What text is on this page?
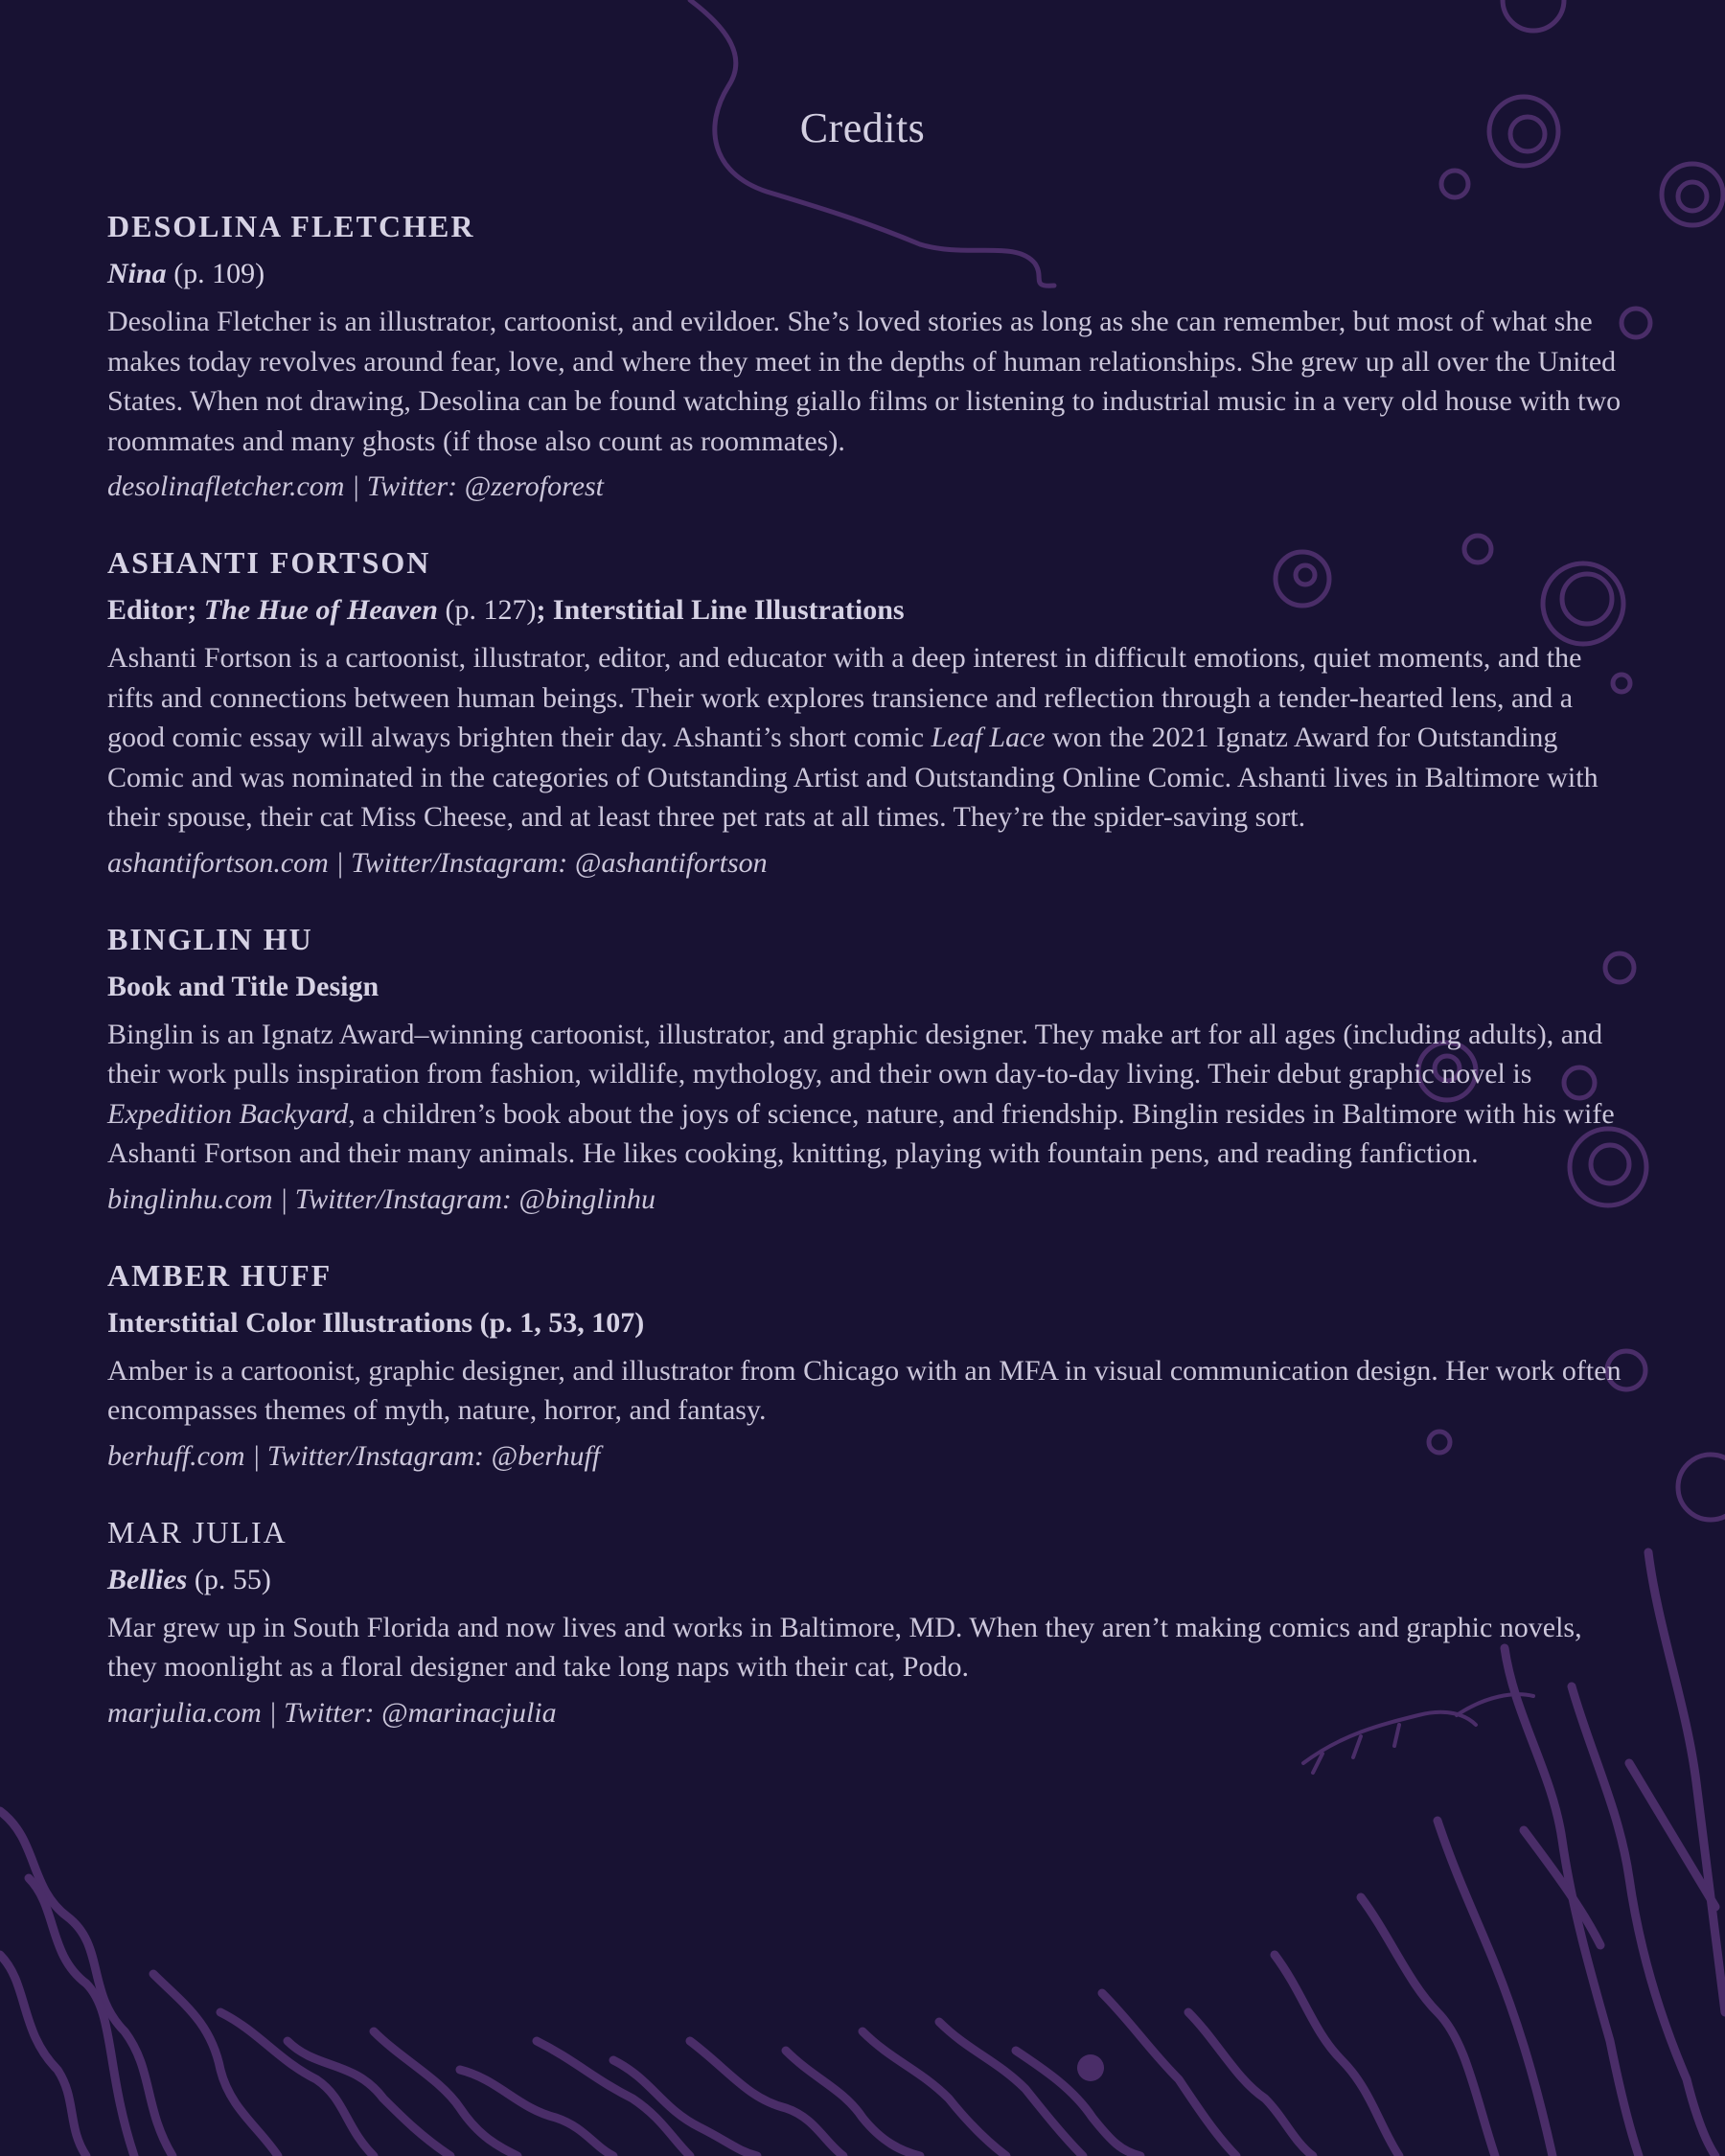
Credits

DESOLINA FLETCHER

Nina (p. 109)

Desolina Fletcher is an illustrator, cartoonist, and evildoer. She’s loved stories as long as she can remember, but most of what she makes today revolves around fear, love, and where they meet in the depths of human relationships. She grew up all over the United States. When not drawing, Desolina can be found watching giallo films or listening to industrial music in a very old house with two roommates and many ghosts (if those also count as roommates).

desolinafletcher.com | Twitter: @zeroforest

ASHANTI FORTSON

Editor; The Hue of Heaven (p. 127); Interstitial Line Illustrations

Ashanti Fortson is a cartoonist, illustrator, editor, and educator with a deep interest in difficult emotions, quiet moments, and the rifts and connections between human beings. Their work explores transience and reflection through a tender-hearted lens, and a good comic essay will always brighten their day. Ashanti’s short comic Leaf Lace won the 2021 Ignatz Award for Outstanding Comic and was nominated in the categories of Outstanding Artist and Outstanding Online Comic. Ashanti lives in Baltimore with their spouse, their cat Miss Cheese, and at least three pet rats at all times. They’re the spider-saving sort.

ashantifortson.com | Twitter/Instagram: @ashantifortson

BINGLIN HU

Book and Title Design

Binglin is an Ignatz Award–winning cartoonist, illustrator, and graphic designer. They make art for all ages (including adults), and their work pulls inspiration from fashion, wildlife, mythology, and their own day-to-day living. Their debut graphic novel is Expedition Backyard, a children’s book about the joys of science, nature, and friendship. Binglin resides in Baltimore with his wife Ashanti Fortson and their many animals. He likes cooking, knitting, playing with fountain pens, and reading fanfiction.

binglinhu.com | Twitter/Instagram: @binglinhu

AMBER HUFF

Interstitial Color Illustrations (p. 1, 53, 107)

Amber is a cartoonist, graphic designer, and illustrator from Chicago with an MFA in visual communication design. Her work often encompasses themes of myth, nature, horror, and fantasy.

berhuff.com | Twitter/Instagram: @berhuff

MAR JULIA

Bellies (p. 55)

Mar grew up in South Florida and now lives and works in Baltimore, MD. When they aren’t making comics and graphic novels, they moonlight as a floral designer and take long naps with their cat, Podo.

marjulia.com | Twitter: @marinacjulia
